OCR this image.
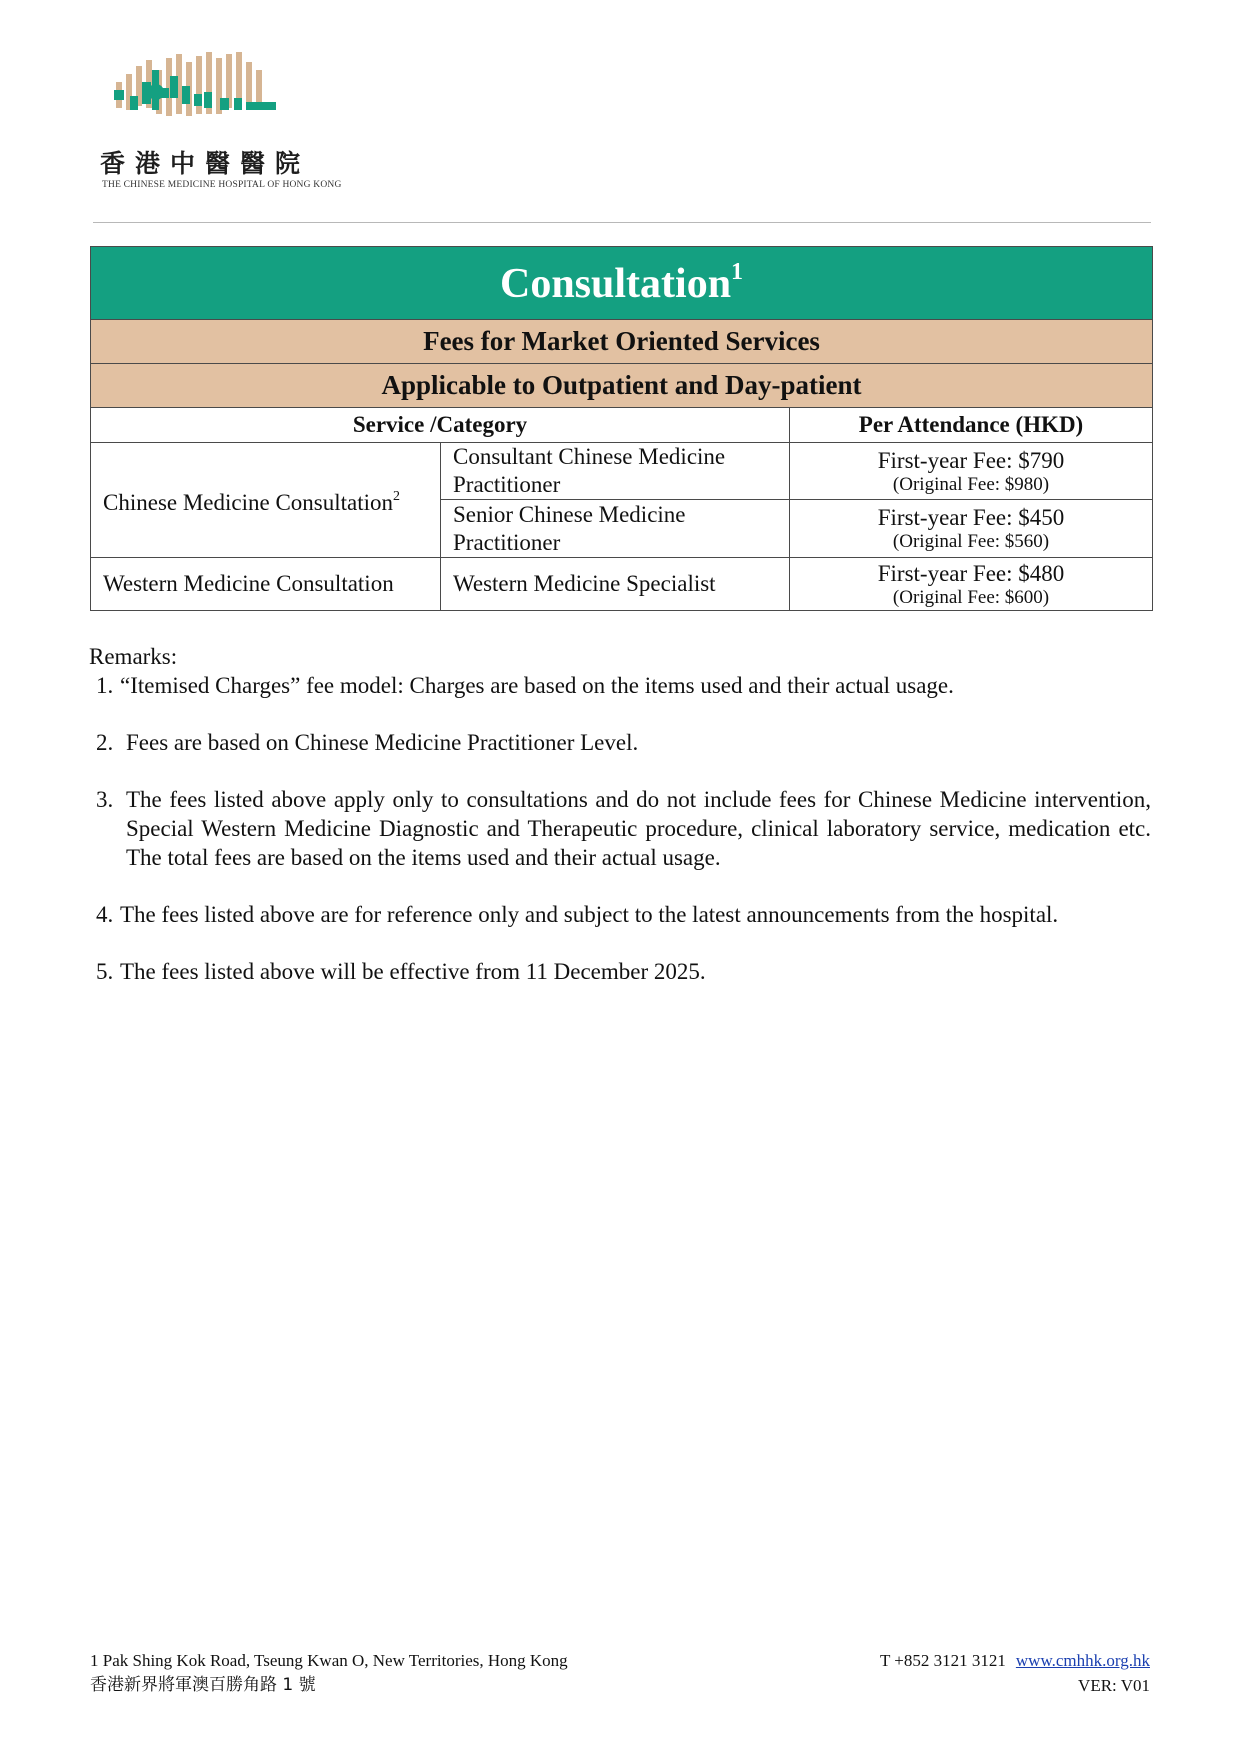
香港中醫醫院
THE CHINESE MEDICINE HOSPITAL OF HONG KONG
Consultation$^1$
Fees for Market Oriented Services		
Applicable to Outpatient and Day-patient		
Service /Category		Per Attendance (HKD)
Chinese Medicine Consultation$^2$	Consultant Chinese Medicine Practitioner	First-year Fee: $790
(Original Fee: $980)

	Senior Chinese Medicine Practitioner	First-year Fee: $450
(Original Fee: $560)

Western Medicine Consultation	Western Medicine Specialist	First-year Fee: $480
(Original Fee: $600)

Remarks:

1. “Itemised Charges” fee model: Charges are based on the items used and their actual usage.
2. Fees are based on Chinese Medicine Practitioner Level.
3. The fees listed above apply only to consultations and do not include fees for Chinese Medicine intervention, Special Western Medicine Diagnostic and Therapeutic procedure, clinical laboratory service, medication etc. The total fees are based on the items used and their actual usage.
4. The fees listed above are for reference only and subject to the latest announcements from the hospital.
5. The fees listed above will be effective from 11 December 2025.
1 Pak Shing Kok Road, Tseung Kwan O, New Territories, Hong Kong
香港新界將軍澳百勝角路 1 號
T +852 3121 3121 www.cmhhk.org.hk
VER: V01
